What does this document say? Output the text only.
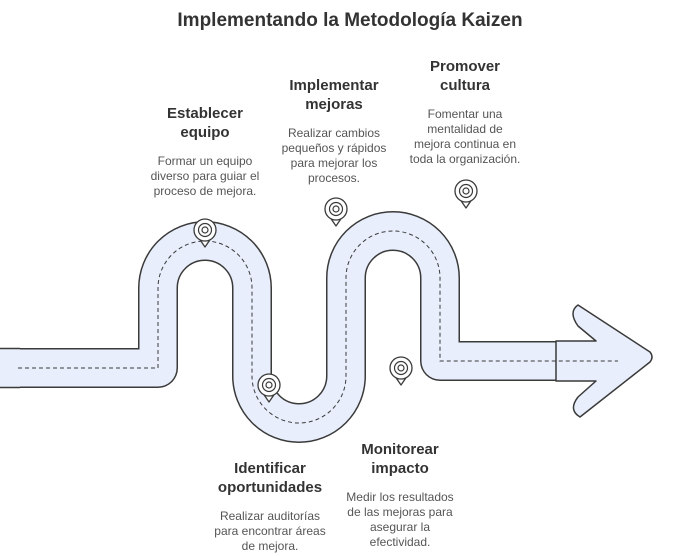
Implementando la Metodología Kaizen
Establecer
equipo
Formar un equipo
diverso para guiar el
proceso de mejora.
Identificar
oportunidades
Realizar auditorías
para encontrar áreas
de mejora.
Implementar
mejoras
Realizar cambios
pequeños y rápidos
para mejorar los
procesos.
Monitorear
impacto
Medir los resultados
de las mejoras para
asegurar la
efectividad.
Promover
cultura
Fomentar una
mentalidad de
mejora continua en
toda la organización.
